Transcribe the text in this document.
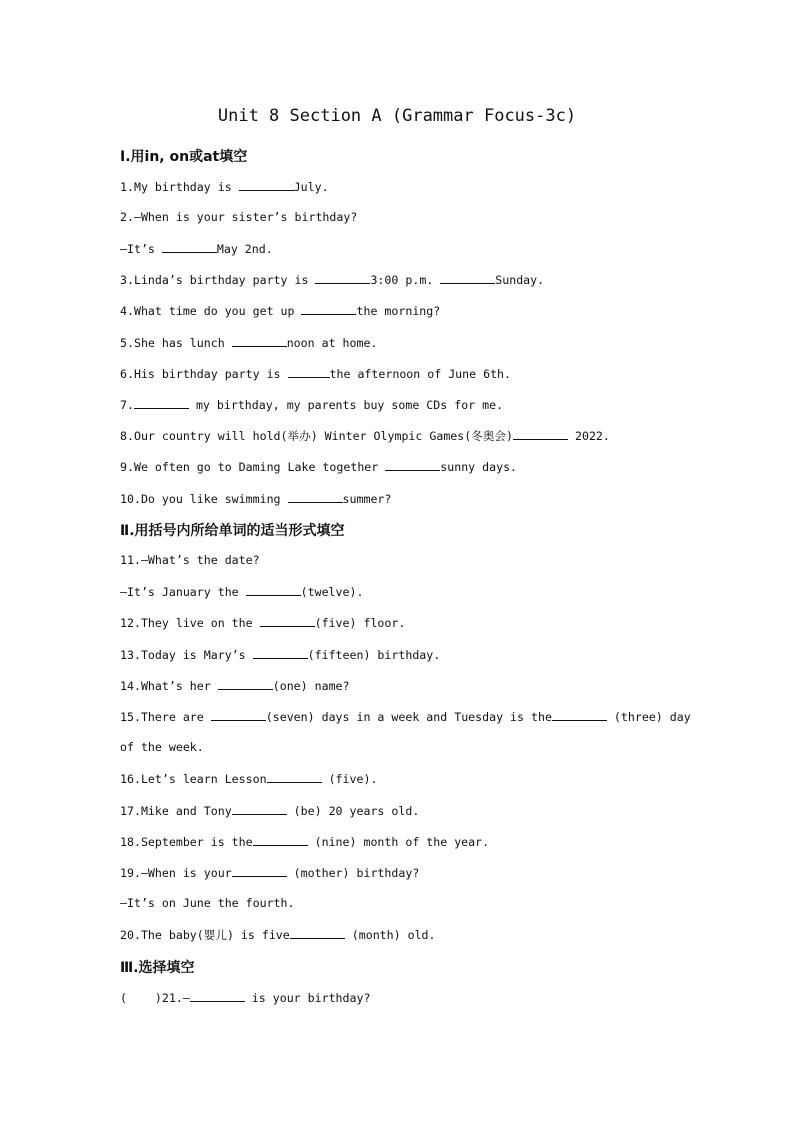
Unit 8 Section A (Grammar Focus-3c)
Ⅰ.用in, on或at填空
1.My birthday is	July.
2.—When is your sister’s birthday?
—It’s	May 2nd.
3.Linda’s birthday party is	3:00 p.m.	Sunday.
4.What time do you get up	the morning?
5.She has lunch	noon at home.
6.His birthday party is	the afternoon of June 6th.
7.	my birthday, my parents buy some CDs for me.
8.Our country will hold(举办) Winter Olympic Games(冬奥会)	2022.
9.We often go to Daming Lake together	sunny days.
10.Do you like swimming	summer?
Ⅱ.用括号内所给单词的适当形式填空
11.—What’s the date?
—It’s January the	(twelve).
12.They live on the	(five) floor.
13.Today is Mary’s	(fifteen) birthday.
14.What’s her	(one) name?
15.There are	(seven) days in a week and Tuesday is the	(three) day
of the week.
16.Let’s learn Lesson	(five).
17.Mike and Tony	(be) 20 years old.
18.September is the	(nine) month of the year.
19.—When is your	(mother) birthday?
—It’s on June the fourth.
20.The baby(婴儿) is five	(month) old.
Ⅲ.选择填空
(    )21.—	is your birthday?
